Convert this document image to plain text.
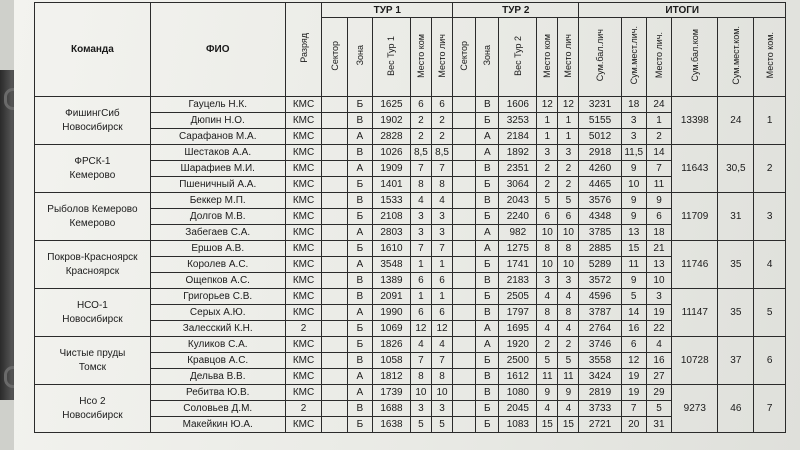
Команда	ФИО	Разряд	ТУР 1					ТУР 2					ИТОГИ					
			Сектор	Зона	Вес Тур 1	Место ком	Место лич	Сектор	Зона	Вес Тур 2	Место ком	Место лич	Сум.бал.лич	Сум.мест.лич.	Место лич.	Сум.бал.ком	Сум.мест.ком.	Место ком.

ФишингСиб
Новосибирск	Гауцель Н.К.	КМС		Б	1625	6	6		В	1606	12	12	3231	18	24	13398	24	1
	Дюпин Н.О.	КМС		В	1902	2	2		Б	3253	1	1	5155	3	1			
	Сарафанов М.А.	КМС		А	2828	2	2		А	2184	1	1	5012	3	2			

ФРСК-1
Кемерово	Шестаков А.А.	КМС		В	1026	8,5	8,5		А	1892	3	3	2918	11,5	14	11643	30,5	2
	Шарафиев М.И.	КМС		А	1909	7	7		В	2351	2	2	4260	9	7			
	Пшеничный А.А.	КМС		Б	1401	8	8		Б	3064	2	2	4465	10	11			

Рыболов Кемерово
Кемерово	Беккер М.П.	КМС		В	1533	4	4		В	2043	5	5	3576	9	9	11709	31	3
	Долгов М.В.	КМС		Б	2108	3	3		Б	2240	6	6	4348	9	6			
	Забегаев С.А.	КМС		А	2803	3	3		А	982	10	10	3785	13	18			

Покров-Красноярск
Красноярск	Ершов А.В.	КМС		Б	1610	7	7		А	1275	8	8	2885	15	21	11746	35	4
	Королев А.С.	КМС		А	3548	1	1		Б	1741	10	10	5289	11	13			
	Ощепков А.С.	КМС		В	1389	6	6		В	2183	3	3	3572	9	10			

НСО-1
Новосибирск	Григорьев С.В.	КМС		В	2091	1	1		Б	2505	4	4	4596	5	3	11147	35	5
	Серых А.Ю.	КМС		А	1990	6	6		В	1797	8	8	3787	14	19			
	Залесский К.Н.	2		Б	1069	12	12		А	1695	4	4	2764	16	22			

Чистые пруды
Томск	Куликов С.А.	КМС		Б	1826	4	4		А	1920	2	2	3746	6	4	10728	37	6
	Кравцов А.С.	КМС		В	1058	7	7		Б	2500	5	5	3558	12	16			
	Дельва В.В.	КМС		А	1812	8	8		В	1612	11	11	3424	19	27			

Нсо 2
Новосибирск	Ребитва Ю.В.	КМС		А	1739	10	10		В	1080	9	9	2819	19	29	9273	46	7
	Соловьев Д.М.	2		В	1688	3	3		Б	2045	4	4	3733	7	5			
	Макейкин Ю.А.	КМС		Б	1638	5	5		Б	1083	15	15	2721	20	31			
